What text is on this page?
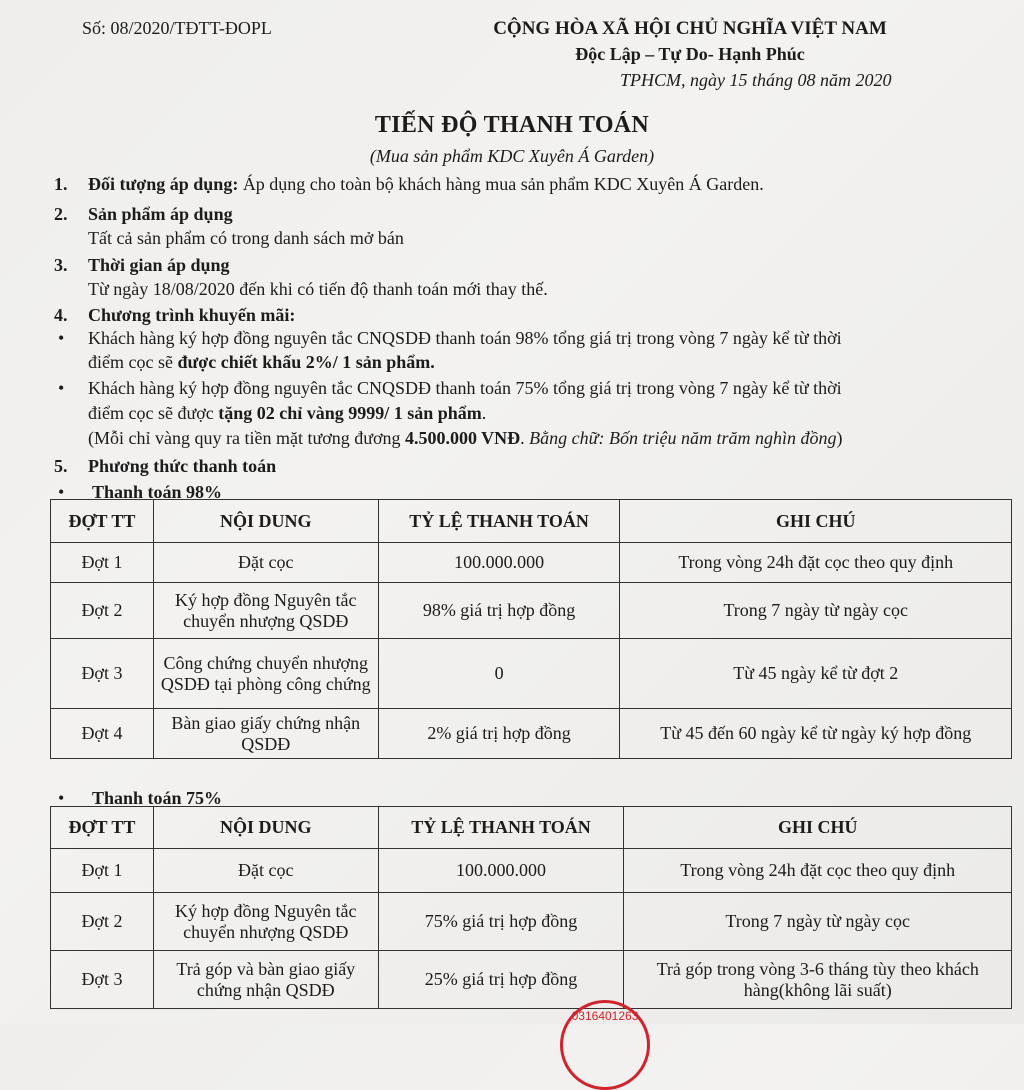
Số: 08/2020/TĐTT-ĐOPL	CỘNG HÒA XÃ HỘI CHỦ NGHĨA VIỆT NAM
Độc Lập – Tự Do- Hạnh Phúc
TPHCM, ngày 15 tháng 08 năm 2020
TIẾN ĐỘ THANH TOÁN
(Mua sản phẩm KDC Xuyên Á Garden)
1. Đối tượng áp dụng: Áp dụng cho toàn bộ khách hàng mua sản phẩm KDC Xuyên Á Garden.
2. Sản phẩm áp dụng
Tất cả sản phẩm có trong danh sách mở bán
3. Thời gian áp dụng
Từ ngày 18/08/2020 đến khi có tiến độ thanh toán mới thay thế.
4. Chương trình khuyến mãi:
• Khách hàng ký hợp đồng nguyên tắc CNQSDĐ thanh toán 98% tổng giá trị trong vòng 7 ngày kể từ thời
điểm cọc sẽ được chiết khấu 2%/ 1 sản phẩm.
• Khách hàng ký hợp đồng nguyên tắc CNQSDĐ thanh toán 75% tổng giá trị trong vòng 7 ngày kể từ thời
điểm cọc sẽ được tặng 02 chỉ vàng 9999/ 1 sản phẩm.
(Mỗi chỉ vàng quy ra tiền mặt tương đương 4.500.000 VNĐ. Bằng chữ: Bốn triệu năm trăm nghìn đồng)
5. Phương thức thanh toán
• Thanh toán 98%
ĐỢT TT	NỘI DUNG	TỶ LỆ THANH TOÁN	GHI CHÚ
Đợt 1	Đặt cọc	100.000.000	Trong vòng 24h đặt cọc theo quy định
Đợt 2	Ký hợp đồng Nguyên tắc chuyển nhượng QSDĐ	98% giá trị hợp đồng	Trong 7 ngày từ ngày cọc
Đợt 3	Công chứng chuyển nhượng QSDĐ tại phòng công chứng	0	Từ 45 ngày kể từ đợt 2
Đợt 4	Bàn giao giấy chứng nhận QSDĐ	2% giá trị hợp đồng	Từ 45 đến 60 ngày kể từ ngày ký hợp đồng
• Thanh toán 75%
ĐỢT TT	NỘI DUNG	TỶ LỆ THANH TOÁN	GHI CHÚ
Đợt 1	Đặt cọc	100.000.000	Trong vòng 24h đặt cọc theo quy định
Đợt 2	Ký hợp đồng Nguyên tắc chuyển nhượng QSDĐ	75% giá trị hợp đồng	Trong 7 ngày từ ngày cọc
Đợt 3	Trả góp và bàn giao giấy chứng nhận QSDĐ	25% giá trị hợp đồng	Trả góp trong vòng 3-6 tháng tùy theo khách hàng(không lãi suất)
0316401263
